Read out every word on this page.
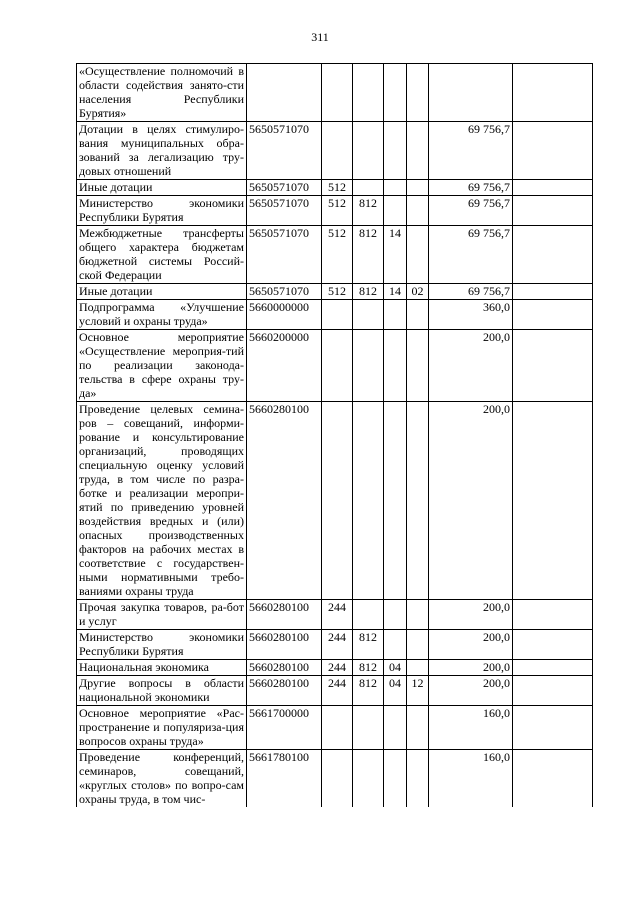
311
«Осуществление полномочий в области содействия занято-сти населения Республики Бурятия»							
Дотации в целях стимулиро-вания муниципальных обра-зований за легализацию тру-довых отношений	5650571070					69 756,7	
Иные дотации	5650571070	512				69 756,7	
Министерство экономики Республики Бурятия	5650571070	512	812			69 756,7	
Межбюджетные трансферты общего характера бюджетам бюджетной системы Россий-ской Федерации	5650571070	512	812	14		69 756,7	
Иные дотации	5650571070	512	812	14	02	69 756,7	
Подпрограмма «Улучшение условий и охраны труда»	5660000000					360,0	
Основное мероприятие «Осуществление мероприя-тий по реализации законода-тельства в сфере охраны тру-да»	5660200000					200,0	
Проведение целевых семина-ров – совещаний, информи-рование и консультирование организаций, проводящих специальную оценку условий труда, в том числе по разра-ботке и реализации меропри-ятий по приведению уровней воздействия вредных и (или) опасных производственных факторов на рабочих местах в соответствие с государствен-ными нормативными требо-ваниями охраны труда	5660280100					200,0	
Прочая закупка товаров, ра-бот и услуг	5660280100	244				200,0	
Министерство экономики Республики Бурятия	5660280100	244	812			200,0	
Национальная экономика	5660280100	244	812	04		200,0	
Другие вопросы в области национальной экономики	5660280100	244	812	04	12	200,0	
Основное мероприятие «Рас-пространение и популяриза-ция вопросов охраны труда»	5661700000					160,0	
Проведение конференций, семинаров, совещаний, «круглых столов» по вопро-сам охраны труда, в том чис-	5661780100					160,0	
